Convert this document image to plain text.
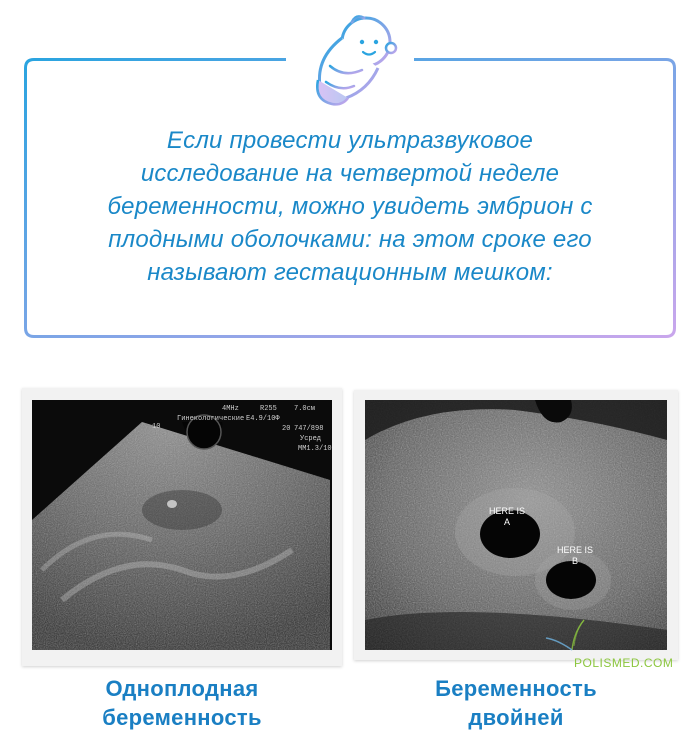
Если провести ультразвуковое
исследование на четвертой неделе
беременности, можно увидеть эмбрион с
плодными оболочками: на этом сроке его
называют гестационным мешком:
4MHz	R255 7.0см
Гинекологические Е4.9/10Ф
20 747/898
Усред
ММ1.3/10
10
HERE IS
A
HERE IS
B
POLISMED.COM
Одноплодная
беременность
Беременность
двойней
